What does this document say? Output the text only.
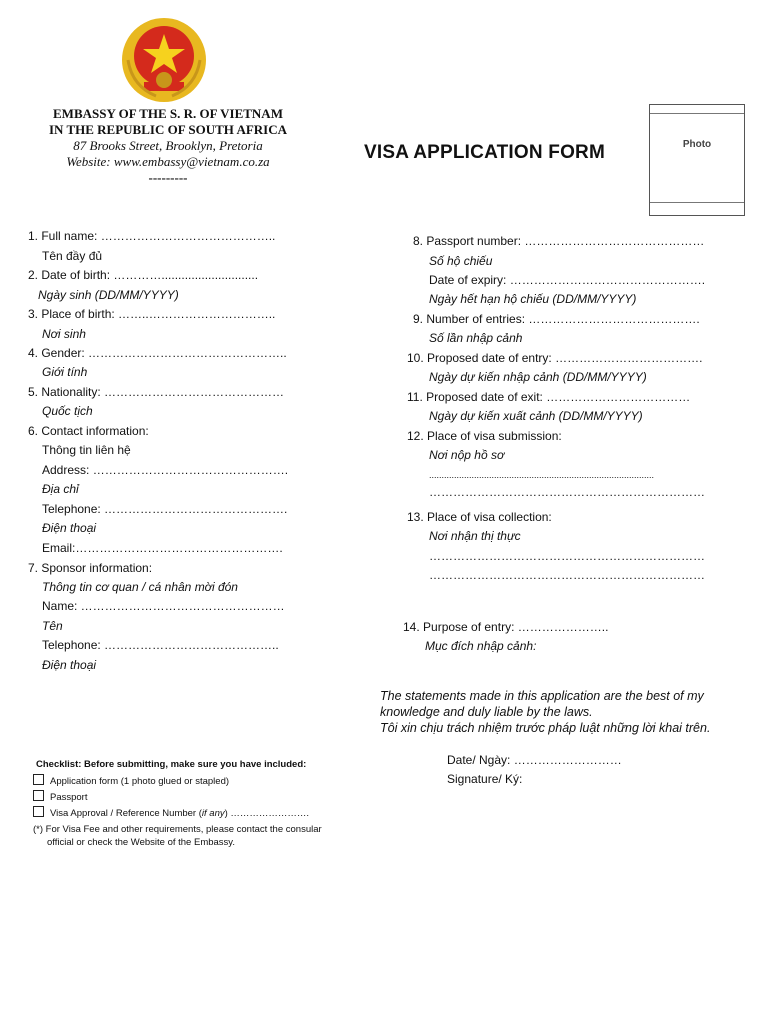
EMBASSY OF THE S. R. OF VIETNAM
IN THE REPUBLIC OF SOUTH AFRICA
87 Brooks Street, Brooklyn, Pretoria
Website: www.embassy@vietnam.co.za
---------
VISA APPLICATION FORM	Photo
1. Full name: ……………………………………..
Tên đầy đủ
2. Date of birth: ………….............................
Ngày sinh (DD/MM/YYYY)
3. Place of birth: ……..…………………………..
Nơi sinh
4. Gender: …………………………………………..
Giới tính
5. Nationality: ………………………………………
Quốc tịch
6. Contact information:
Thông tin liên hệ
Address: ………………………………………….
Địa chỉ
Telephone: ……………………………………….
Điện thoại
Email:…………………………………………….
7. Sponsor information:
Thông tin cơ quan / cá nhân mời đón
Name: ……………………………………………
Tên
Telephone: ……………………………………..
Điện thoại
8. Passport number: ………………………………………
Số hộ chiếu
Date of expiry: ………………………………………….
Ngày hết hạn hộ chiếu (DD/MM/YYYY)
9. Number of entries: …………………………………….
Số lần nhập cảnh
10. Proposed date of entry: ……………………………….
Ngày dự kiến nhập cảnh (DD/MM/YYYY)
11. Proposed date of exit: ………………………………
Ngày dự kiến xuất cảnh (DD/MM/YYYY)
12. Place of visa submission:
Nơi nộp hồ sơ
..........................................................................................
……………………………………………………………
13. Place of visa collection:
Nơi nhận thị thực
……………………………………………………………
……………………………………………………………
14. Purpose of entry: …………………..
Mục đích nhập cảnh:
The statements made in this application are the best of my
knowledge and duly liable by the laws.
Tôi xin chịu trách nhiệm trước pháp luật những lời khai trên.
Date/ Ngày: ………………………
Signature/ Ký:
Checklist: Before submitting, make sure you have included:
Application form (1 photo glued or stapled)
Passport
Visa Approval / Reference Number (if any) …………………….
(*) For Visa Fee and other requirements, please contact the consular
official or check the Website of the Embassy.
